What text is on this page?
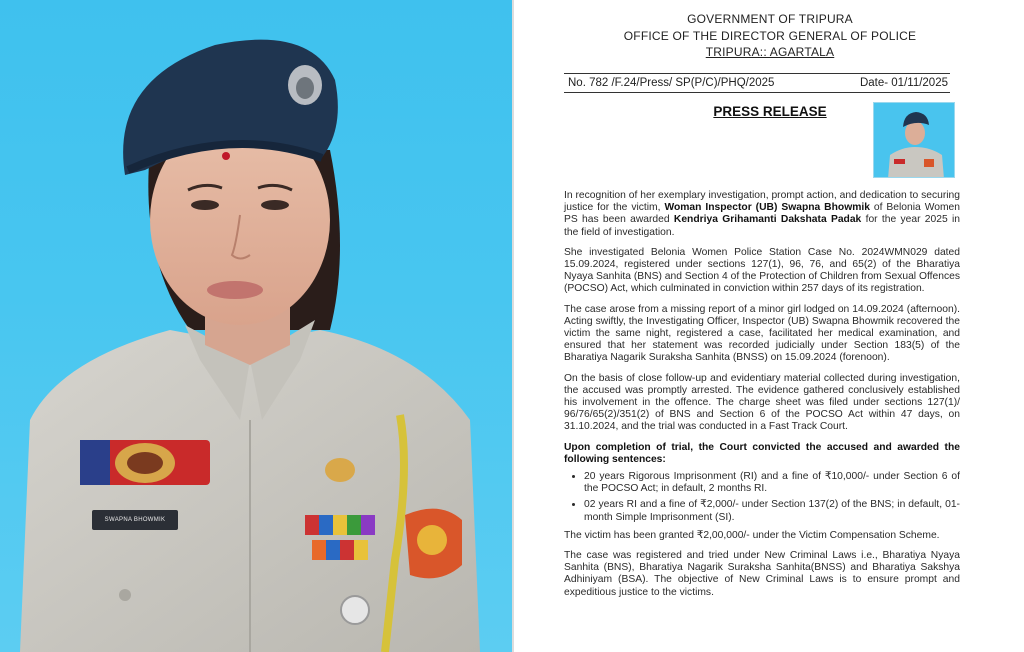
SWAPNA BHOWMIK
GOVERNMENT OF TRIPURA
OFFICE OF THE DIRECTOR GENERAL OF POLICE
TRIPURA:: AGARTALA
No. 782 /F.24/Press/ SP(P/C)/PHQ/2025	Date- 01/11/2025
PRESS RELEASE

In recognition of her exemplary investigation, prompt action, and dedication to securing justice for the victim, Woman Inspector (UB) Swapna Bhowmik of Belonia Women PS has been awarded Kendriya Grihamanti Dakshata Padak for the year 2025 in the field of investigation.

She investigated Belonia Women Police Station Case No. 2024WMN029 dated 15.09.2024, registered under sections 127(1), 96, 76, and 65(2) of the Bharatiya Nyaya Sanhita (BNS) and Section 4 of the Protection of Children from Sexual Offences (POCSO) Act, which culminated in conviction within 257 days of its registration.

The case arose from a missing report of a minor girl lodged on 14.09.2024 (afternoon). Acting swiftly, the Investigating Officer, Inspector (UB) Swapna Bhowmik recovered the victim the same night, registered a case, facilitated her medical examination, and ensured that her statement was recorded judicially under Section 183(5) of the Bharatiya Nagarik Suraksha Sanhita (BNSS) on 15.09.2024 (forenoon).

On the basis of close follow-up and evidentiary material collected during investigation, the accused was promptly arrested. The evidence gathered conclusively established his involvement in the offence. The charge sheet was filed under sections 127(1)/ 96/76/65(2)/351(2) of BNS and Section 6 of the POCSO Act within 47 days, on 31.10.2024, and the trial was conducted in a Fast Track Court.

Upon completion of trial, the Court convicted the accused and awarded the following sentences:

• 20 years Rigorous Imprisonment (RI) and a fine of ₹10,000/- under Section 6 of the POCSO Act; in default, 2 months RI.
• 02 years RI and a fine of ₹2,000/- under Section 137(2) of the BNS; in default, 01-month Simple Imprisonment (SI).

The victim has been granted ₹2,00,000/- under the Victim Compensation Scheme.

The case was registered and tried under New Criminal Laws i.e., Bharatiya Nyaya Sanhita (BNS), Bharatiya Nagarik Suraksha Sanhita(BNSS) and Bharatiya Sakshya Adhiniyam (BSA). The objective of New Criminal Laws is to ensure prompt and expeditious justice to the victims.
